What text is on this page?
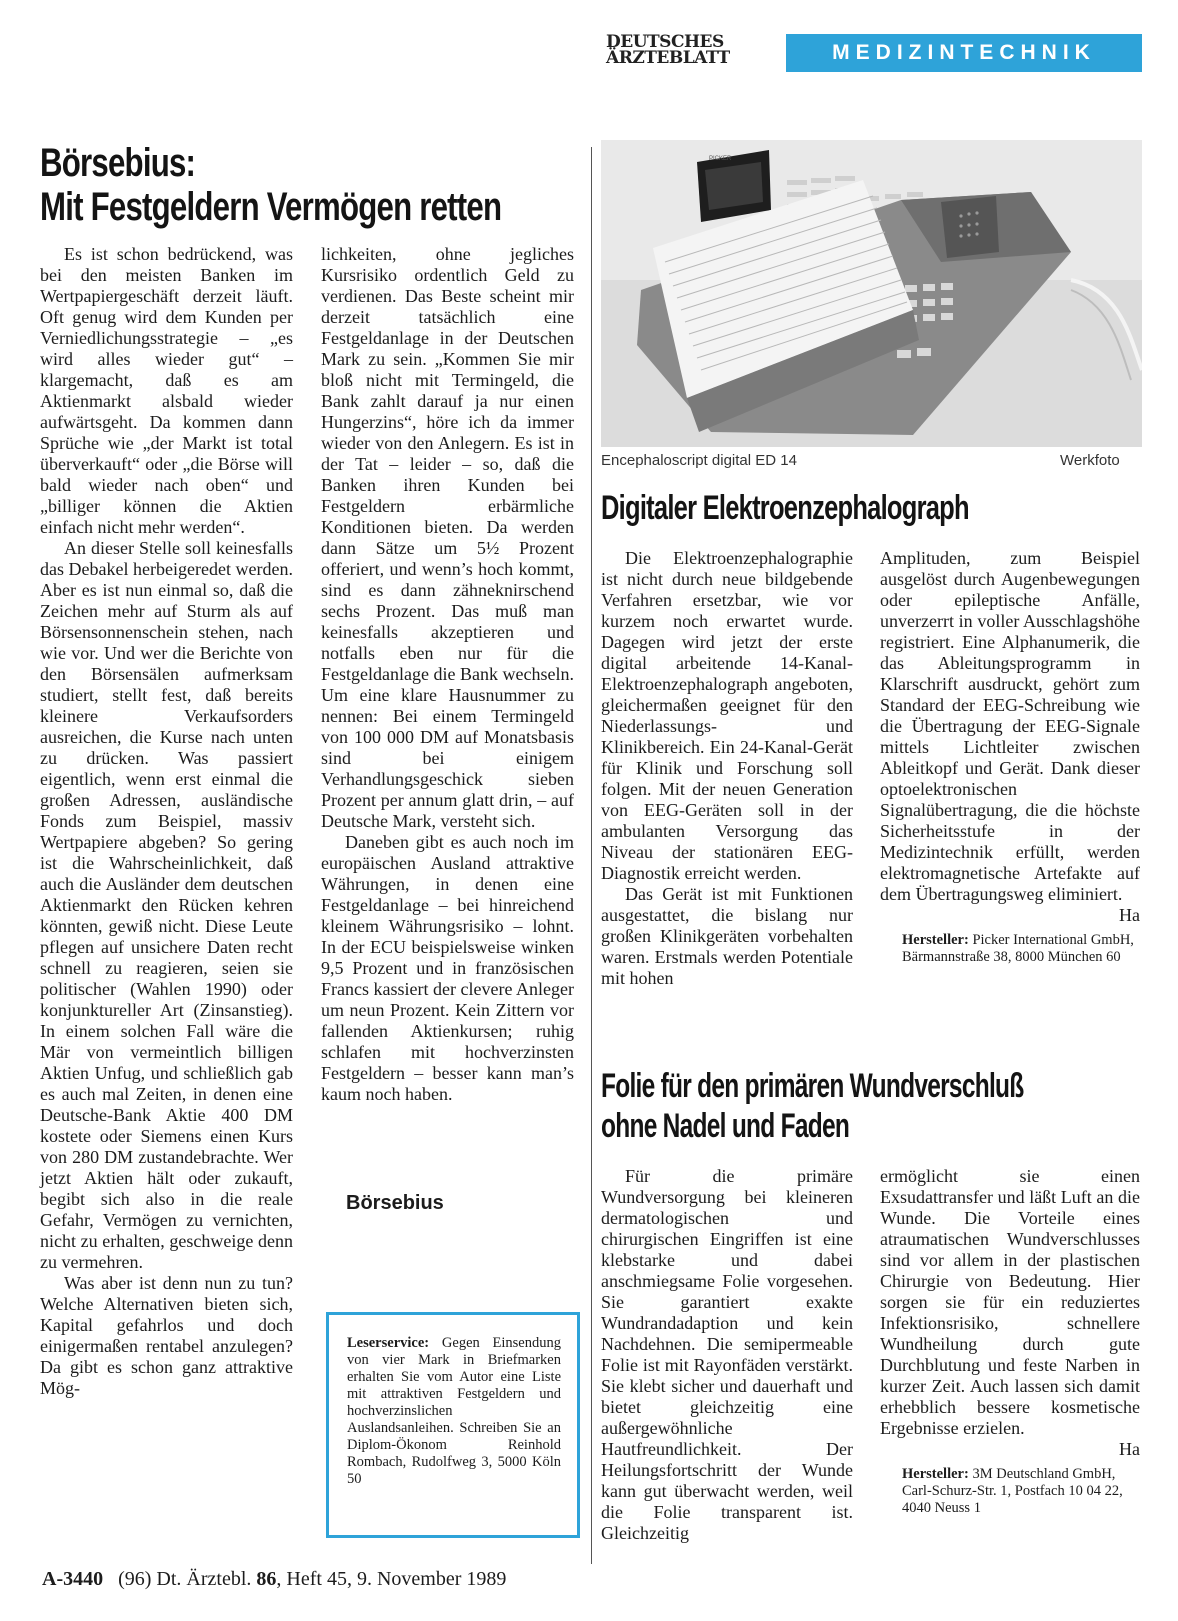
DEUTSCHES
ÄRZTEBLATT	MEDIZINTECHNIK
Börsebius:
Mit Festgeldern Vermögen retten

Es ist schon bedrückend, was bei den meisten Banken im Wertpapiergeschäft derzeit läuft. Oft genug wird dem Kunden per Verniedlichungsstrategie – „es wird alles wieder gut“ – klargemacht, daß es am Aktienmarkt alsbald wieder aufwärtsgeht. Da kommen dann Sprüche wie „der Markt ist total überverkauft“ oder „die Börse will bald wieder nach oben“ und „billiger können die Aktien einfach nicht mehr werden“.

An dieser Stelle soll keinesfalls das Debakel herbeigeredet werden. Aber es ist nun einmal so, daß die Zeichen mehr auf Sturm als auf Börsensonnenschein stehen, nach wie vor. Und wer die Berichte von den Börsensälen aufmerksam studiert, stellt fest, daß bereits kleinere Verkaufsorders ausreichen, die Kurse nach unten zu drücken. Was passiert eigentlich, wenn erst einmal die großen Adressen, ausländische Fonds zum Beispiel, massiv Wertpapiere abgeben? So gering ist die Wahrscheinlichkeit, daß auch die Ausländer dem deutschen Aktienmarkt den Rücken kehren könnten, gewiß nicht. Diese Leute pflegen auf unsichere Daten recht schnell zu reagieren, seien sie politischer (Wahlen 1990) oder konjunktureller Art (Zinsanstieg). In einem solchen Fall wäre die Mär von vermeintlich billigen Aktien Unfug, und schließlich gab es auch mal Zeiten, in denen eine Deutsche-Bank Aktie 400 DM kostete oder Siemens einen Kurs von 280 DM zustandebrachte. Wer jetzt Aktien hält oder zukauft, begibt sich also in die reale Gefahr, Vermögen zu vernichten, nicht zu erhalten, geschweige denn zu vermehren.

Was aber ist denn nun zu tun? Welche Alternativen bieten sich, Kapital gefahrlos und doch einigermaßen rentabel anzulegen? Da gibt es schon ganz attraktive Mög-

lichkeiten, ohne jegliches Kursrisiko ordentlich Geld zu verdienen. Das Beste scheint mir derzeit tatsächlich eine Festgeldanlage in der Deutschen Mark zu sein. „Kommen Sie mir bloß nicht mit Termingeld, die Bank zahlt darauf ja nur einen Hungerzins“, höre ich da immer wieder von den Anlegern. Es ist in der Tat – leider – so, daß die Banken ihren Kunden bei Festgeldern erbärmliche Konditionen bieten. Da werden dann Sätze um 5½ Prozent offeriert, und wenn’s hoch kommt, sind es dann zähneknirschend sechs Prozent. Das muß man keinesfalls akzeptieren und notfalls eben nur für die Festgeldanlage die Bank wechseln. Um eine klare Hausnummer zu nennen: Bei einem Termingeld von 100 000 DM auf Monatsbasis sind bei einigem Verhandlungsgeschick sieben Prozent per annum glatt drin, – auf Deutsche Mark, versteht sich.

Daneben gibt es auch noch im europäischen Ausland attraktive Währungen, in denen eine Festgeldanlage – bei hinreichend kleinem Währungsrisiko – lohnt. In der ECU beispielsweise winken 9,5 Prozent und in französischen Francs kassiert der clevere Anleger um neun Prozent. Kein Zittern vor fallenden Aktienkursen; ruhig schlafen mit hochverzinsten Festgeldern – besser kann man’s kaum noch haben.

Börsebius
Leserservice: Gegen Einsendung von vier Mark in Briefmarken erhalten Sie vom Autor eine Liste mit attraktiven Festgeldern und hochverzinslichen Auslandsanleihen. Schreiben Sie an Diplom-Ökonom Reinhold Rombach, Rudolfweg 3, 5000 Köln 50
PICKER
Encephaloscript digital ED 14	Werkfoto
Digitaler Elektroenzephalograph

Die Elektroenzephalographie ist nicht durch neue bildgebende Verfahren ersetzbar, wie vor kurzem noch erwartet wurde. Dagegen wird jetzt der erste digital arbeitende 14-Kanal-Elektroenzephalograph angeboten, gleichermaßen geeignet für den Niederlassungs- und Klinikbereich. Ein 24-Kanal-Gerät für Klinik und Forschung soll folgen. Mit der neuen Generation von EEG-Geräten soll in der ambulanten Versorgung das Niveau der stationären EEG-Diagnostik erreicht werden.

Das Gerät ist mit Funktionen ausgestattet, die bislang nur großen Klinikgeräten vorbehalten waren. Erstmals werden Potentiale mit hohen

Amplituden, zum Beispiel ausgelöst durch Augenbewegungen oder epileptische Anfälle, unverzerrt in voller Ausschlagshöhe registriert. Eine Alphanumerik, die das Ableitungsprogramm in Klarschrift ausdruckt, gehört zum Standard der EEG-Schreibung wie die Übertragung der EEG-Signale mittels Lichtleiter zwischen Ableitkopf und Gerät. Dank dieser optoelektronischen Signalübertragung, die die höchste Sicherheitsstufe in der Medizintechnik erfüllt, werden elektromagnetische Artefakte auf dem Übertragungsweg eliminiert.

Ha
Hersteller: Picker International GmbH, Bärmannstraße 38, 8000 München 60
Folie für den primären Wundverschluß
ohne Nadel und Faden

Für die primäre Wundversorgung bei kleineren dermatologischen und chirurgischen Eingriffen ist eine klebstarke und dabei anschmiegsame Folie vorgesehen. Sie garantiert exakte Wundrandadaption und kein Nachdehnen. Die semipermeable Folie ist mit Rayonfäden verstärkt. Sie klebt sicher und dauerhaft und bietet gleichzeitig eine außergewöhnliche Hautfreundlichkeit. Der Heilungsfortschritt der Wunde kann gut überwacht werden, weil die Folie transparent ist. Gleichzeitig

ermöglicht sie einen Exsudattransfer und läßt Luft an die Wunde. Die Vorteile eines atraumatischen Wundverschlusses sind vor allem in der plastischen Chirurgie von Bedeutung. Hier sorgen sie für ein reduziertes Infektionsrisiko, schnellere Wundheilung durch gute Durchblutung und feste Narben in kurzer Zeit. Auch lassen sich damit erhebblich bessere kosmetische Ergebnisse erzielen.

Ha
Hersteller: 3M Deutschland GmbH, Carl-Schurz-Str. 1, Postfach 10 04 22, 4040 Neuss 1
A-3440 (96) Dt. Ärztebl. 86, Heft 45, 9. November 1989
